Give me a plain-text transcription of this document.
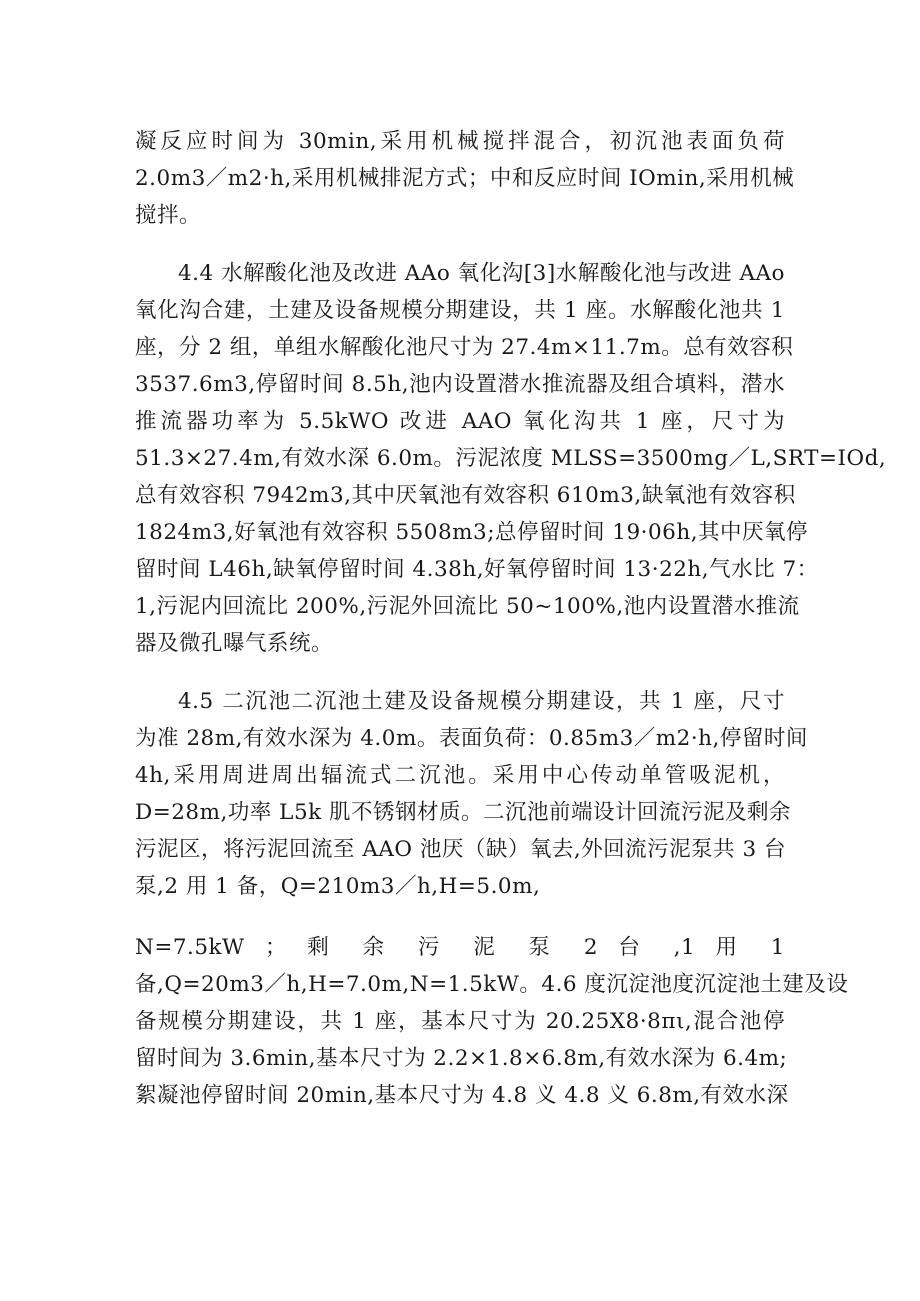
凝反应时间为 30min,采用机械搅拌混合，初沉池表面负荷
2.0m3／m2·h,采用机械排泥方式；中和反应时间 IOmin,采用机械
搅拌。
4.4 水解酸化池及改进 AAo 氧化沟[3]水解酸化池与改进 AAo
氧化沟合建，土建及设备规模分期建设，共 1 座。水解酸化池共 1
座，分 2 组，单组水解酸化池尺寸为 27.4m×11.7m。总有效容积
3537.6m3,停留时间 8.5h,池内设置潜水推流器及组合填料，潜水
推流器功率为 5.5kWO 改进 AAO 氧化沟共 1 座，尺寸为
51.3×27.4m,有效水深 6.0m。污泥浓度 MLSS=3500mg／L,SRT=IOd,
总有效容积 7942m3,其中厌氧池有效容积 610m3,缺氧池有效容积
1824m3,好氧池有效容积 5508m3;总停留时间 19·06h,其中厌氧停
留时间 L46h,缺氧停留时间 4.38h,好氧停留时间 13·22h,气水比 7：
1,污泥内回流比 200%,污泥外回流比 50~100%,池内设置潜水推流
器及微孔曝气系统。
4.5 二沉池二沉池土建及设备规模分期建设，共 1 座，尺寸
为准 28m,有效水深为 4.0m。表面负荷：0.85m3／m2·h,停留时间
4h,采用周进周出辐流式二沉池。采用中心传动单管吸泥机，
D=28m,功率 L5k 肌不锈钢材质。二沉池前端设计回流污泥及剩余
污泥区，将污泥回流至 AAO 池厌（缺）氧去,外回流污泥泵共 3 台
泵,2 用 1 备，Q=210m3／h,H=5.0m,
N=7.5kW ； 剩 余 污 泥 泵 2 台 ,1 用 1
备,Q=20m3／h,H=7.0m,N=1.5kW。4.6 度沉淀池度沉淀池土建及设
备规模分期建设，共 1 座，基本尺寸为 20.25X8·8πι,混合池停
留时间为 3.6min,基本尺寸为 2.2×1.8×6.8m,有效水深为 6.4m;
絮凝池停留时间 20min,基本尺寸为 4.8 义 4.8 义 6.8m,有效水深
